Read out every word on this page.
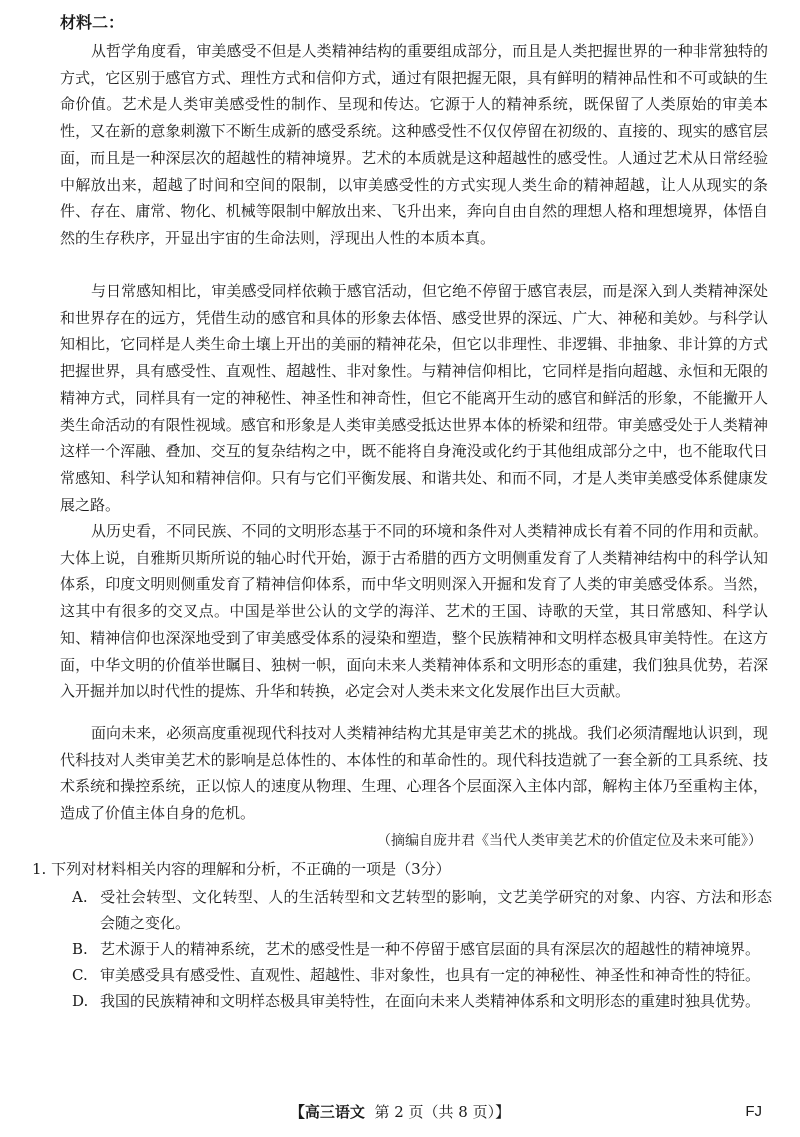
材料二：

从哲学角度看，审美感受不但是人类精神结构的重要组成部分，而且是人类把握世界的一种非常独特的方式，它区别于感官方式、理性方式和信仰方式，通过有限把握无限，具有鲜明的精神品性和不可或缺的生命价值。艺术是人类审美感受性的制作、呈现和传达。它源于人的精神系统，既保留了人类原始的审美本性，又在新的意象刺激下不断生成新的感受系统。这种感受性不仅仅停留在初级的、直接的、现实的感官层面，而且是一种深层次的超越性的精神境界。艺术的本质就是这种超越性的感受性。人通过艺术从日常经验中解放出来，超越了时间和空间的限制，以审美感受性的方式实现人类生命的精神超越，让人从现实的条件、存在、庸常、物化、机械等限制中解放出来、飞升出来，奔向自由自然的理想人格和理想境界，体悟自然的生存秩序，开显出宇宙的生命法则，浮现出人性的本质本真。

与日常感知相比，审美感受同样依赖于感官活动，但它绝不停留于感官表层，而是深入到人类精神深处和世界存在的远方，凭借生动的感官和具体的形象去体悟、感受世界的深远、广大、神秘和美妙。与科学认知相比，它同样是人类生命土壤上开出的美丽的精神花朵，但它以非理性、非逻辑、非抽象、非计算的方式把握世界，具有感受性、直观性、超越性、非对象性。与精神信仰相比，它同样是指向超越、永恒和无限的精神方式，同样具有一定的神秘性、神圣性和神奇性，但它不能离开生动的感官和鲜活的形象，不能撇开人类生命活动的有限性视域。感官和形象是人类审美感受抵达世界本体的桥梁和纽带。审美感受处于人类精神这样一个浑融、叠加、交互的复杂结构之中，既不能将自身淹没或化约于其他组成部分之中，也不能取代日常感知、科学认知和精神信仰。只有与它们平衡发展、和谐共处、和而不同，才是人类审美感受体系健康发展之路。

从历史看，不同民族、不同的文明形态基于不同的环境和条件对人类精神成长有着不同的作用和贡献。大体上说，自雅斯贝斯所说的轴心时代开始，源于古希腊的西方文明侧重发育了人类精神结构中的科学认知体系，印度文明则侧重发育了精神信仰体系，而中华文明则深入开掘和发育了人类的审美感受体系。当然，这其中有很多的交叉点。中国是举世公认的文学的海洋、艺术的王国、诗歌的天堂，其日常感知、科学认知、精神信仰也深深地受到了审美感受体系的浸染和塑造，整个民族精神和文明样态极具审美特性。在这方面，中华文明的价值举世瞩目、独树一帜，面向未来人类精神体系和文明形态的重建，我们独具优势，若深入开掘并加以时代性的提炼、升华和转换，必定会对人类未来文化发展作出巨大贡献。

面向未来，必须高度重视现代科技对人类精神结构尤其是审美艺术的挑战。我们必须清醒地认识到，现代科技对人类审美艺术的影响是总体性的、本体性的和革命性的。现代科技造就了一套全新的工具系统、技术系统和操控系统，正以惊人的速度从物理、生理、心理各个层面深入主体内部，解构主体乃至重构主体，造成了价值主体自身的危机。

（摘编自庞井君《当代人类审美艺术的价值定位及未来可能》）

1. 下列对材料相关内容的理解和分析，不正确的一项是（3分）

A. 受社会转型、文化转型、人的生活转型和文艺转型的影响，文艺美学研究的对象、内容、方法和形态会随之变化。

B. 艺术源于人的精神系统，艺术的感受性是一种不停留于感官层面的具有深层次的超越性的精神境界。

C. 审美感受具有感受性、直观性、超越性、非对象性，也具有一定的神秘性、神圣性和神奇性的特征。

D. 我国的民族精神和文明样态极具审美特性，在面向未来人类精神体系和文明形态的重建时独具优势。

【高三语文 第 2 页（共 8 页）】	FJ
